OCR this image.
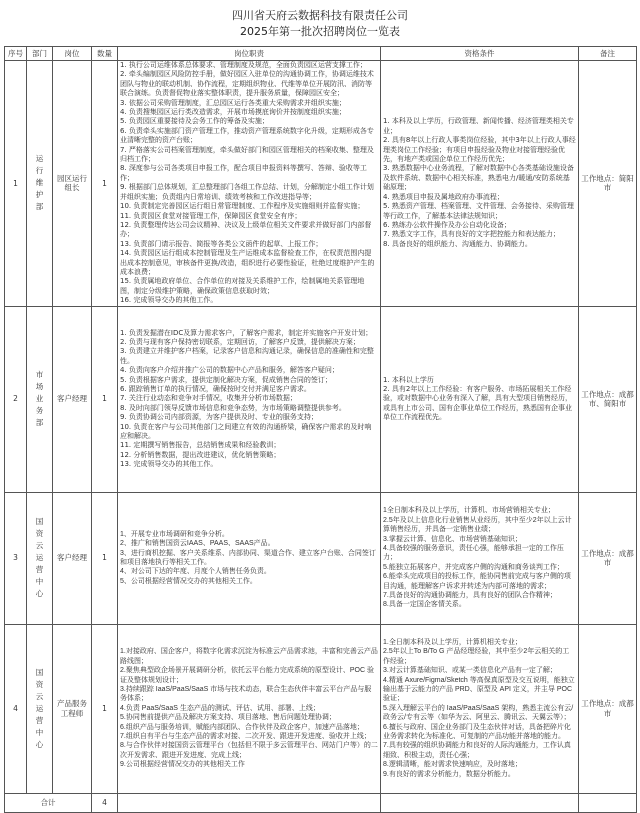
四川省天府云数据科技有限责任公司
2025年第一批次招聘岗位一览表
序号	部门	岗位	数量	岗位职责	资格条件	备注
1	运行维护部	园区运行组长	1	
1. 执行公司运维体系总体要求、管理制度及规范，全面负责园区运营支撑工作；
2. 牵头编制园区风险防控手册，做好园区入驻单位的沟通协调工作，协调运维技术团队与物业的联动机制、协作流程，定期组织物业、代维等单位开展防汛、消防等联合演练。负责督促物业落实整体职责，提升服务质量，保障园区安全；
3. 依据公司采购管理制度，汇总园区运行各类重大采购需求并组织实施；
4. 负责搜集园区运行类改造需求，开展市场摸底询价并按制度组织实施；
5. 负责园区重要接待及会务工作的筹备及实施；
6. 负责牵头实施部门资产管理工作，推动资产管理系统数字化升级，定期形成各专业清晰完整的资产台账；
7. 严格落实公司档案管理制度，牵头做好部门和园区管理相关的档案收集、整理及归档工作；
8. 深度参与公司各类项目申报工作，配合项目申报资料等撰写、答辩、验收等工作；
9. 根据部门总体规划，汇总整理部门各组工作总结、计划，分解制定小组工作计划并组织实施；负责组内日常培训、绩效考核和工作改进指导等；
10. 负责制定完善园区运行组日常管理制度、工作程序及实施细则并监督实施；
11. 负责园区食堂对接管理工作，保障园区食堂安全有序；
12. 负责整理传达公司会议精神、决议及上级单位相关文件要求并做好部门内部督办；
13. 负责部门请示报告、简报等各类公文函件的起草、上报工作；
14. 负责园区运行组成本控制管理及生产运维成本监督检查工作，在权责范围内提出成本控制意见，审核备件更换/改造，组织进行必要性验证，杜绝过度维护产生的成本浪费；
15. 负责属地政府单位、合作单位的对接及关系维护工作，绘制属地关系管理地图，制定分级维护策略，确保政策信息获取时效；
16. 完成领导交办的其他工作。

1. 本科及以上学历，行政管理、新闻传播、经济管理类相关专业；
2. 具有8年以上行政人事类岗位经验，其中3年以上行政人事经理类岗位工作经验；有项目申报经验及物业对接管理经验优先，有地产类或国企单位工作经历优先；
3. 熟悉数据中心业务流程，了解对数据中心各类基础设施设备及软件系统、数据中心相关标准，熟悉电力/暖通/安防系统基础原理；
4. 熟悉项目申报及属地政府办事流程；
5. 熟悉资产管理、档案管理、文件管理、会务接待、采购管理等行政工作，了解基本法律法规知识；
6. 熟练办公软件操作及办公自动化设备；
7. 熟悉文字工作，具有良好的文字把控能力和表达能力；
8. 具备良好的组织能力、沟通能力、协调能力。
	工作地点：简阳市
2	市场业务部	客户经理	1	
1. 负责发掘潜在IDC及算力需求客户，了解客户需求，制定并实施客户开发计划；
2. 负责与现有客户保持密切联系，定期回访，了解客户反馈，提供解决方案；
3. 负责建立并维护客户档案，记录客户信息和沟通记录，确保信息的准确性和完整性。
4. 负责向客户介绍并推广公司的数据中心产品和服务，解答客户疑问；
5. 负责根据客户需求，提供定制化解决方案，促成销售合同的签订；
6. 跟踪销售订单的执行情况，确保按时交付并满足客户需求。
7. 关注行业动态和竞争对手情况，收集并分析市场数据；
8. 及时向部门领导反馈市场信息和竞争态势，为市场策略调整提供参考。
9. 负责协调公司内部资源，为客户提供及时、专业的服务支持；
10. 负责在客户与公司其他部门之间建立有效的沟通桥梁，确保客户需求的及时响应和解决。
11. 定期撰写销售报告，总结销售成果和经验教训；
12. 分析销售数据，提出改进建议，优化销售策略；
13. 完成领导交办的其他工作。

1. 本科以上学历
2. 具有2年以上工作经验：有客户服务、市场拓展相关工作经验，或对数据中心业务有深入了解，具有大型项目销售经历，或具有上市公司、国有企事业单位工作经历，熟悉国有企事业单位工作流程优先。
	工作地点：成都市、简阳市
3	国资云运营中心	客户经理	1	
1、开展专业市场调研和竞争分析。
2、推广和销售国资云IAAS、PAAS、SAAS产品。
3、进行商机挖掘、客户关系维系、内部协同、渠道合作、建立客户台账、合同签订和项目落地执行等相关工作。
4、对公司下达的年度、月度个人销售任务负责。
5、公司根据经营情况交办的其他相关工作。

1全日制本科及以上学历，计算机、市场营销相关专业；
2.5年及以上信息化行业销售从业经历，其中至少2年以上云计算销售经历，并具备一定销售业绩；
3.掌握云计算、信息化、市场营销基础知识；
4.具备较强的服务意识，责任心强，能够承担一定的工作压力；
5.能独立拓展客户，并完成客户侧的沟通和商务谈判工作；
6.能牵头完成项目的投标工作，能协同售前完成与客户侧的项目沟通，能理解客户诉求并转述为内部可落地的需求；
7.具备良好的沟通协调能力，具有良好的团队合作精神；
8.具备一定国企客情关系。
	工作地点：成都市
4	国资云运营中心	产品服务工程师	1	
1.对接政府、国企客户，将数字化需求沉淀为标准云产品需求池，丰富和完善云产品路线图；
2.聚焦典型政企场景开展调研分析，依托云平台能力完成系统的原型设计、POC 验证及整体规划设计；
3.持续跟踪 IaaS/PaaS/SaaS 市场与技术动态，联合生态伙伴丰富云平台产品与服务体系；
4.负责 PaaS/SaaS 生态产品的测试、评估、试用、部署、上线；
5.协同售前提供产品及解决方案支持、项目落地、售后问题处理协调；
6.组织产品与服务培训，赋能内部团队、合作伙伴及政企客户，加速产品落地；
7.组织自有平台与生态产品的需求对接、二次开发、跟进开发进度、验收并上线；
8.与合作伙伴对接国资云管理平台（包括但不限于多云管理平台、网站门户等）的二次开发需求、跟进开发进度、完成上线；
9.公司根据经营情况交办的其他相关工作

1.全日制本科及以上学历，计算机相关专业；
2.5年以上To B/To G 产品经理经验，其中至少2年云相关的工作经验；
3.对云计算基础知识、或某一类信息化产品有一定了解；
4.精通 Axure/Figma/Sketch 等高保真原型及交互说明，能独立输出基于云能力的产品 PRD、原型及 API 定义，并主导 POC 验证；
5.深入理解云平台的 IaaS/PaaS/SaaS 架构，熟悉主流公有云/政务云/专有云等（如华为云、阿里云、腾讯云、天翼云等）；
6.擅长与政府、国企业务部门及生态伙伴对话，具备把碎片化业务需求转化为标准化、可复制的产品功能并落地的能力。
7.具有较强的组织协调能力和良好的人际沟通能力，工作认真细致、积极主动，责任心强；
8.逻辑清晰，能对需求快速响应，及时落地；
9.有良好的需求分析能力，数据分析能力。
	工作地点：成都市
合计			4			
